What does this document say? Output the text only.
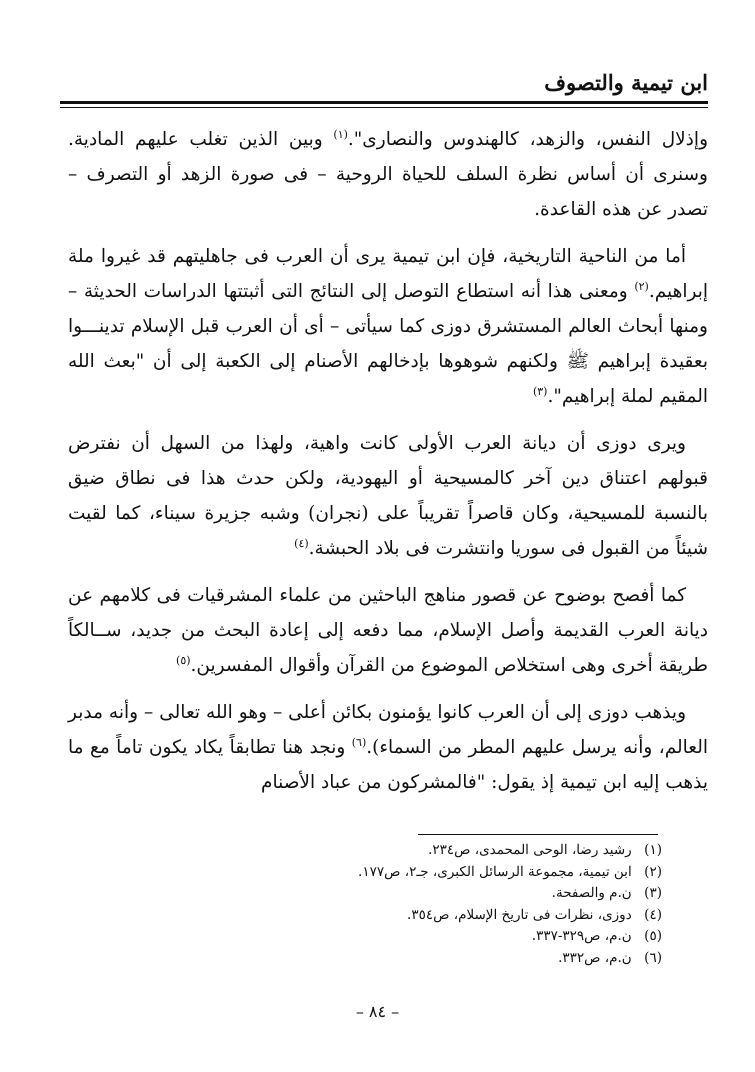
ابن تيمية والتصوف

وإذلال النفس، والزهد، كالهندوس والنصارى".$^{(١)}$ وبين الذين تغلب عليهم المادية. وسنرى أن أساس نظرة السلف للحياة الروحية – فى صورة الزهد أو التصرف – تصدر عن هذه القاعدة.

أما من الناحية التاريخية، فإن ابن تيمية يرى أن العرب فى جاهليتهم قد غيروا ملة إبراهيم.$^{(٢)}$ ومعنى هذا أنه استطاع التوصل إلى النتائج التى أثبتتها الدراسات الحديثة – ومنها أبحاث العالم المستشرق دوزى كما سيأتى – أى أن العرب قبل الإسلام تدينـــوا بعقيدة إبراهيم ﷺ ولكنهم شوهوها بإدخالهم الأصنام إلى الكعبة إلى أن "بعث الله المقيم لملة إبراهيم".$^{(٣)}$

ويرى دوزى أن ديانة العرب الأولى كانت واهية، ولهذا من السهل أن نفترض قبولهم اعتناق دين آخر كالمسيحية أو اليهودية، ولكن حدث هذا فى نطاق ضيق بالنسبة للمسيحية، وكان قاصراً تقريباً على (نجران) وشبه جزيرة سيناء، كما لقيت شيئاً من القبول فى سوريا وانتشرت فى بلاد الحبشة.$^{(٤)}$

كما أفصح بوضوح عن قصور مناهج الباحثين من علماء المشرقيات فى كلامهم عن ديانة العرب القديمة وأصل الإسلام، مما دفعه إلى إعادة البحث من جديد، ســالكاً طريقة أخرى وهى استخلاص الموضوع من القرآن وأقوال المفسرين.$^{(٥)}$

ويذهب دوزى إلى أن العرب كانوا يؤمنون بكائن أعلى – وهو الله تعالى – وأنه مدبر العالم، وأنه يرسل عليهم المطر من السماء).$^{(٦)}$ ونجد هنا تطابقاً يكاد يكون تاماً مع ما يذهب إليه ابن تيمية إذ يقول: "فالمشركون من عباد الأصنام

(١) رشيد رضا، الوحى المحمدى، ص٢٣٤.
(٢) ابن تيمية، مجموعة الرسائل الكبرى، جـ٢، ص١٧٧.
(٣) ن.م والصفحة.
(٤) دوزى، نظرات فى تاريخ الإسلام، ص٣٥٤.
(٥) ن.م، ص٣٢٩-٣٣٧.
(٦) ن.م، ص٣٣٢.
– ٨٤ –
